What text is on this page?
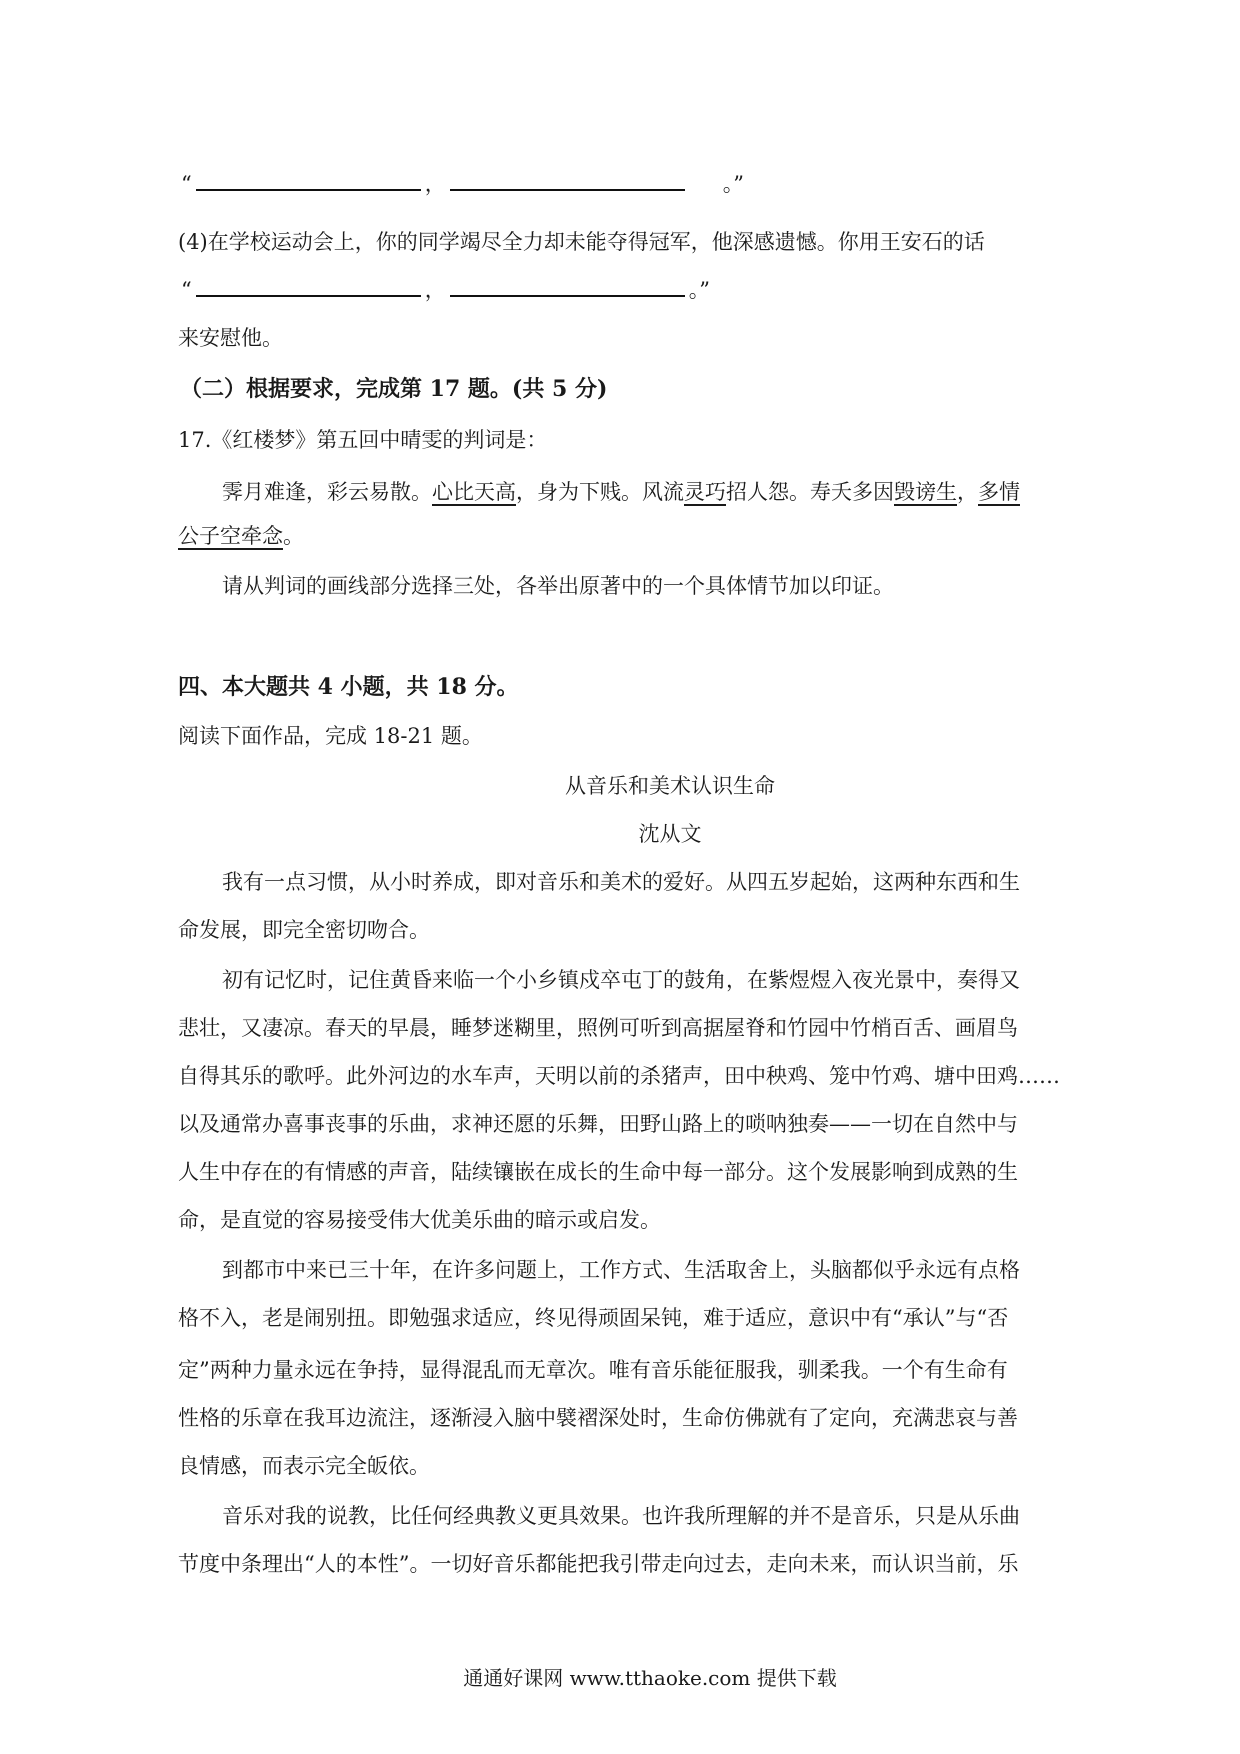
“	，	。”
(4)在学校运动会上，你的同学竭尽全力却未能夺得冠军，他深感遗憾。你用王安石的话
“	，	。”
来安慰他。
（二）根据要求，完成第 17 题。(共 5 分)
17.《红楼梦》第五回中晴雯的判词是：
霁月难逢，彩云易散。心比天高，身为下贱。风流灵巧招人怨。寿夭多因毁谤生，多情
公子空牵念。
请从判词的画线部分选择三处，各举出原著中的一个具体情节加以印证。
四、本大题共 4 小题，共 18 分。
阅读下面作品，完成 18-21 题。
从音乐和美术认识生命
沈从文
我有一点习惯，从小时养成，即对音乐和美术的爱好。从四五岁起始，这两种东西和生
命发展，即完全密切吻合。
初有记忆时，记住黄昏来临一个小乡镇戍卒屯丁的鼓角，在紫煜煜入夜光景中，奏得又
悲壮，又凄凉。春天的早晨，睡梦迷糊里，照例可听到高据屋脊和竹园中竹梢百舌、画眉鸟
自得其乐的歌呼。此外河边的水车声，天明以前的杀猪声，田中秧鸡、笼中竹鸡、塘中田鸡……
以及通常办喜事丧事的乐曲，求神还愿的乐舞，田野山路上的唢呐独奏——一切在自然中与
人生中存在的有情感的声音，陆续镶嵌在成长的生命中每一部分。这个发展影响到成熟的生
命，是直觉的容易接受伟大优美乐曲的暗示或启发。
到都市中来已三十年，在许多问题上，工作方式、生活取舍上，头脑都似乎永远有点格
格不入，老是闹别扭。即勉强求适应，终见得顽固呆钝，难于适应，意识中有“承认”与“否
定”两种力量永远在争持，显得混乱而无章次。唯有音乐能征服我，驯柔我。一个有生命有
性格的乐章在我耳边流注，逐渐浸入脑中襞褶深处时，生命仿佛就有了定向，充满悲哀与善
良情感，而表示完全皈依。
音乐对我的说教，比任何经典教义更具效果。也许我所理解的并不是音乐，只是从乐曲
节度中条理出“人的本性”。一切好音乐都能把我引带走向过去，走向未来，而认识当前，乐
通通好课网 www.tthaoke.com 提供下载
